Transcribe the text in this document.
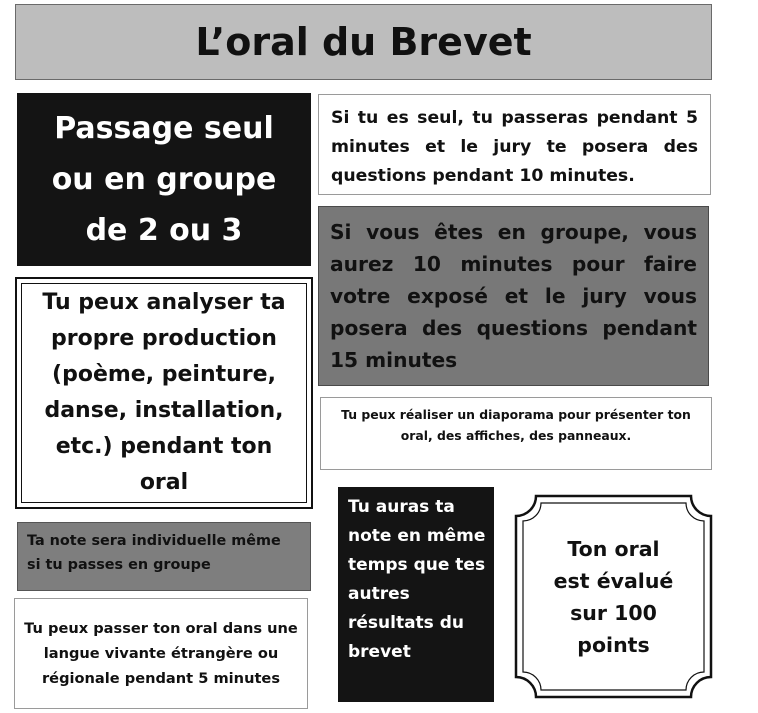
L’oral du Brevet
Passage seul ou en groupe de 2 ou 3
Si tu es seul, tu passeras pendant 5 minutes et le jury te posera des questions pendant 10 minutes.
Si vous êtes en groupe, vous aurez 10 minutes pour faire votre exposé et le jury vous posera des questions pendant 15 minutes
Tu peux analyser ta propre production (poème, peinture, danse, installation, etc.) pendant ton oral
Tu peux réaliser un diaporama pour présenter ton oral, des affiches, des panneaux.
Ta note sera individuelle même si tu passes en groupe
Tu peux passer ton oral dans une langue vivante étrangère ou régionale pendant 5 minutes
Tu auras ta note en même temps que tes autres résultats du brevet
Ton oral est évalué sur 100 points
